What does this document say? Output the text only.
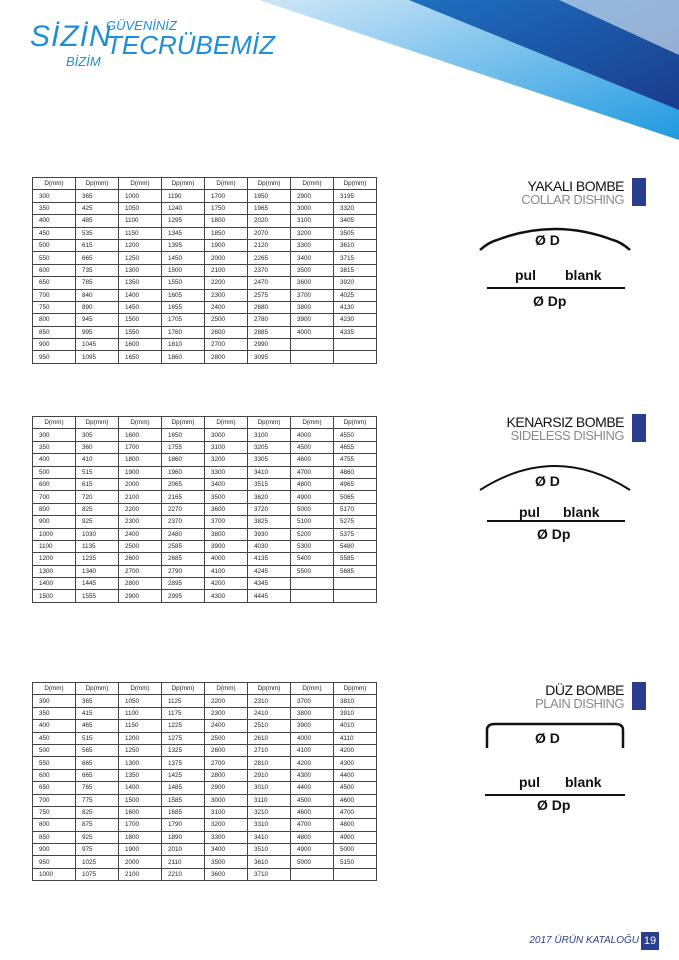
SİZİN
GÜVENİNİZ
TECRÜBEMİZ
BİZİM
D(mm)	Dp(mm)	D(mm)	Dp(mm)	D(mm)	Dp(mm)	D(mm)	Dp(mm)
300	365	1000	1190	1700	1950	2900	3195
350	425	1050	1240	1750	1965	3000	3320
400	485	1100	1295	1800	2020	3100	3405
450	535	1150	1345	1850	2070	3200	3505
500	615	1200	1395	1900	2120	3300	3610
550	665	1250	1450	2000	2265	3400	3715
600	735	1300	1500	2100	2370	3500	3815
650	785	1350	1550	2200	2470	3600	3920
700	840	1400	1605	2300	2575	3700	4025
750	890	1450	1655	2400	2680	3800	4130
800	945	1500	1705	2500	2780	3900	4230
850	995	1550	1760	2600	2885	4000	4335
900	1045	1600	1810	2700	2990		
950	1095	1650	1860	2800	3095		
D(mm)	Dp(mm)	D(mm)	Dp(mm)	D(mm)	Dp(mm)	D(mm)	Dp(mm)
300	305	1600	1650	3000	3100	4000	4550
350	360	1700	1755	3100	3205	4500	4655
400	410	1800	1860	3200	3305	4600	4755
500	515	1900	1960	3300	3410	4700	4860
600	615	2000	2065	3400	3515	4800	4965
700	720	2100	2165	3500	3620	4900	5065
800	825	2200	2270	3600	3720	5000	5170
900	925	2300	2370	3700	3825	5100	5275
1000	1030	2400	2480	3800	3930	5200	5375
1100	1135	2500	2585	3900	4030	5300	5480
1200	1235	2600	2685	4000	4135	5400	5585
1300	1340	2700	2790	4100	4245	5500	5685
1400	1445	2800	2895	4200	4345		
1500	1555	2900	2995	4300	4445		
D(mm)	Dp(mm)	D(mm)	Dp(mm)	D(mm)	Dp(mm)	D(mm)	Dp(mm)
300	365	1050	1125	2200	2310	3700	3810
350	415	1100	1175	2300	2410	3800	3910
400	465	1150	1225	2400	2510	3900	4010
450	515	1200	1275	2500	2610	4000	4110
500	565	1250	1325	2600	2710	4100	4200
550	665	1300	1375	2700	2810	4200	4300
600	665	1350	1425	2800	2910	4300	4400
650	765	1400	1485	2900	3010	4400	4500
700	775	1500	1585	3000	3110	4500	4600
750	825	1600	1685	3100	3210	4600	4700
800	875	1700	1790	3200	3310	4700	4800
850	925	1800	1890	3300	3410	4800	4900
900	975	1900	2010	3400	3510	4900	5000
950	1025	2000	2110	3500	3610	5000	5150
1000	1075	2100	2210	3600	3710		
YAKALI BOMBE
COLLAR DISHING
KENARSIZ BOMBE
SIDELESS DISHING
DÜZ BOMBE
PLAIN DISHING
Ø D
pul blank
Ø Dp
Ø D
pul blank
Ø Dp
Ø D
pul blank
Ø Dp
2017 ÜRÜN KATALOĞU 19
